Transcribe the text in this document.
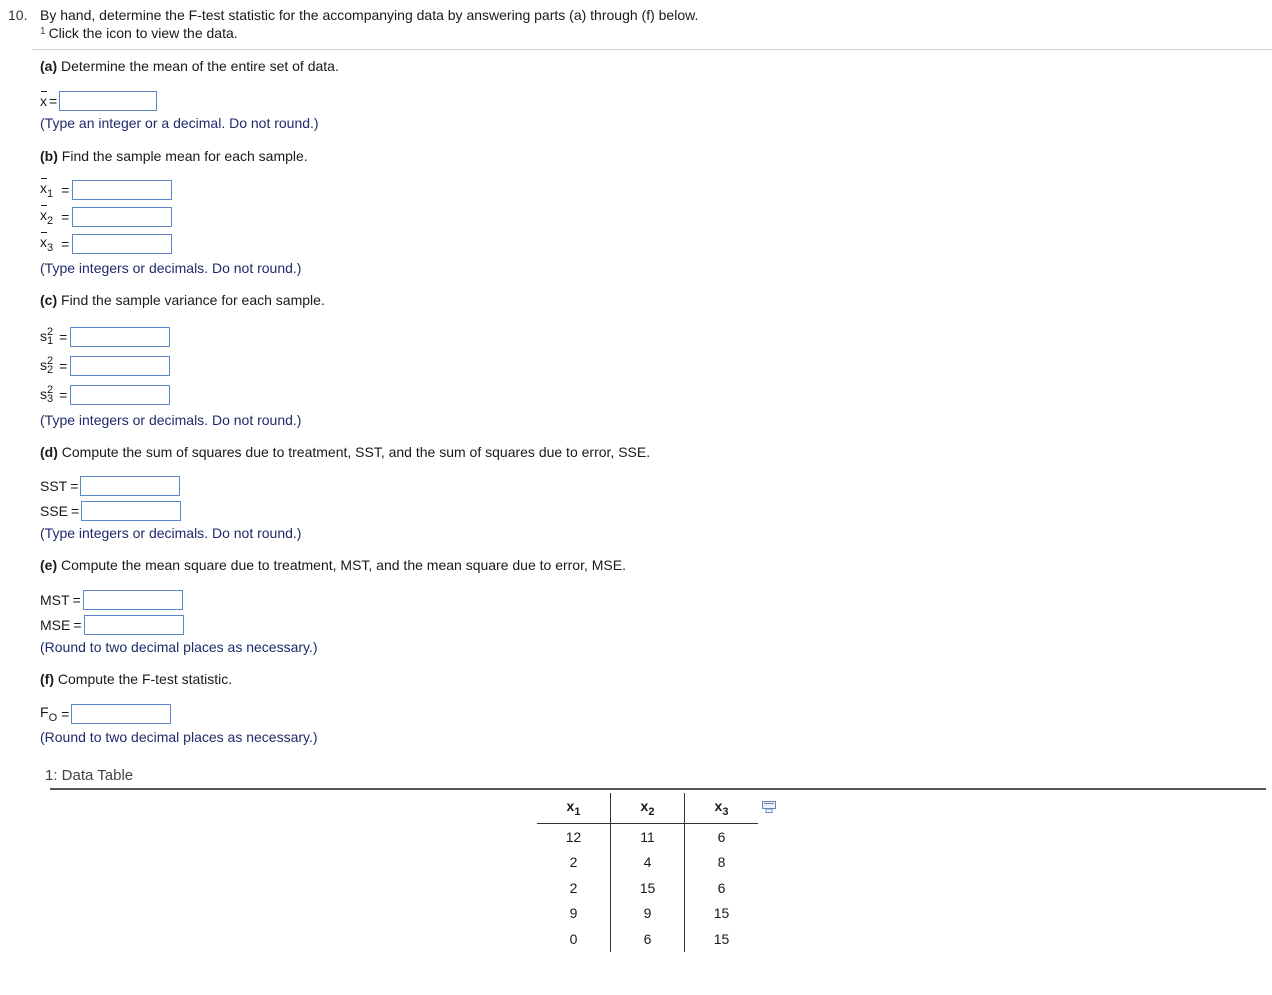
10. By hand, determine the F-test statistic for the accompanying data by answering parts (a) through (f) below.
$^1$ Click the icon to view the data.
(a) Determine the mean of the entire set of data.
x =
(Type an integer or a decimal. Do not round.)
(b) Find the sample mean for each sample.
$x_1$ =
$x_2$ =
$x_3$ =
(Type integers or decimals. Do not round.)
(c) Find the sample variance for each sample.
s 2
1 =
s 2
2 =
s 2
3 =
(Type integers or decimals. Do not round.)
(d) Compute the sum of squares due to treatment, SST, and the sum of squares due to error, SSE.
SST =
SSE =
(Type integers or decimals. Do not round.)
(e) Compute the mean square due to treatment, MST, and the mean square due to error, MSE.
MST =
MSE =
(Round to two decimal places as necessary.)
(f) Compute the F-test statistic.
$F_O$ =
(Round to two decimal places as necessary.)
1: Data Table
$x_1$	$x_2$	$x_3$
12	11	6
2	4	8
2	15	6
9	9	15
0	6	15
